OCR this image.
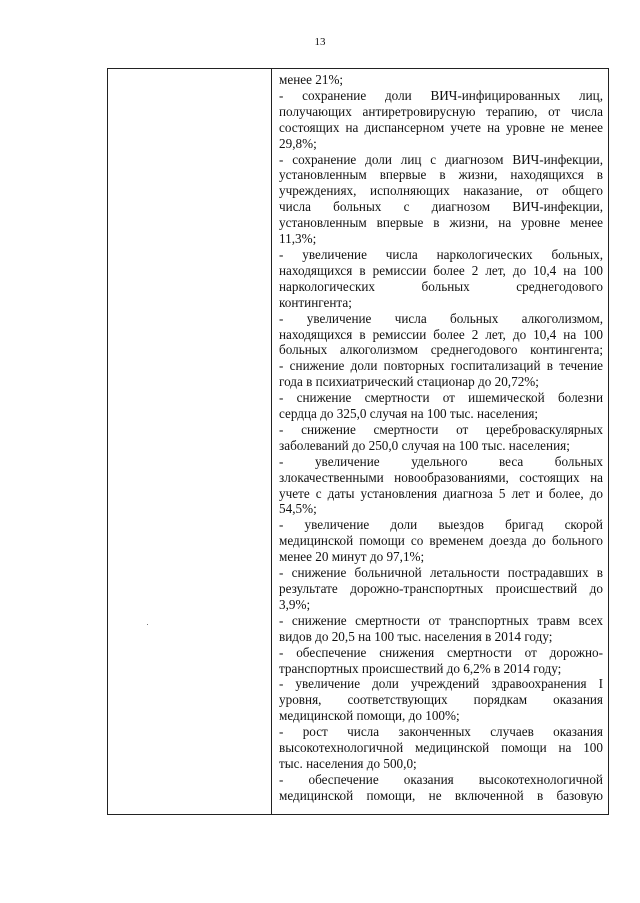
13
менее 21%;
- сохранение доли ВИЧ-инфицированных лиц,
получающих антиретровирусную терапию, от числа
состоящих на диспансерном учете на уровне не менее
29,8%;
- сохранение доли лиц с диагнозом ВИЧ-инфекции,
установленным впервые в жизни, находящихся в
учреждениях, исполняющих наказание, от общего
числа больных с диагнозом ВИЧ-инфекции,
установленным впервые в жизни, на уровне менее
11,3%;
- увеличение числа наркологических больных,
находящихся в ремиссии более 2 лет, до 10,4 на 100
наркологических больных среднегодового
контингента;
- увеличение числа больных алкоголизмом,
находящихся в ремиссии более 2 лет, до 10,4 на 100
больных алкоголизмом среднегодового контингента;
- снижение доли повторных госпитализаций в течение
года в психиатрический стационар до 20,72%;
- снижение смертности от ишемической болезни
сердца до 325,0 случая на 100 тыс. населения;
- снижение смертности от цереброваскулярных
заболеваний до 250,0 случая на 100 тыс. населения;
- увеличение удельного веса больных
злокачественными новообразованиями, состоящих на
учете с даты установления диагноза 5 лет и более, до
54,5%;
- увеличение доли выездов бригад скорой
медицинской помощи со временем доезда до больного
менее 20 минут до 97,1%;
- снижение больничной летальности пострадавших в
результате дорожно-транспортных происшествий до
3,9%;
- снижение смертности от транспортных травм всех
видов до 20,5 на 100 тыс. населения в 2014 году;
- обеспечение снижения смертности от дорожно-
транспортных происшествий до 6,2% в 2014 году;
- увеличение доли учреждений здравоохранения I
уровня, соответствующих порядкам оказания
медицинской помощи, до 100%;
- рост числа законченных случаев оказания
высокотехнологичной медицинской помощи на 100
тыс. населения до 500,0;
- обеспечение оказания высокотехнологичной
медицинской помощи, не включенной в базовую
